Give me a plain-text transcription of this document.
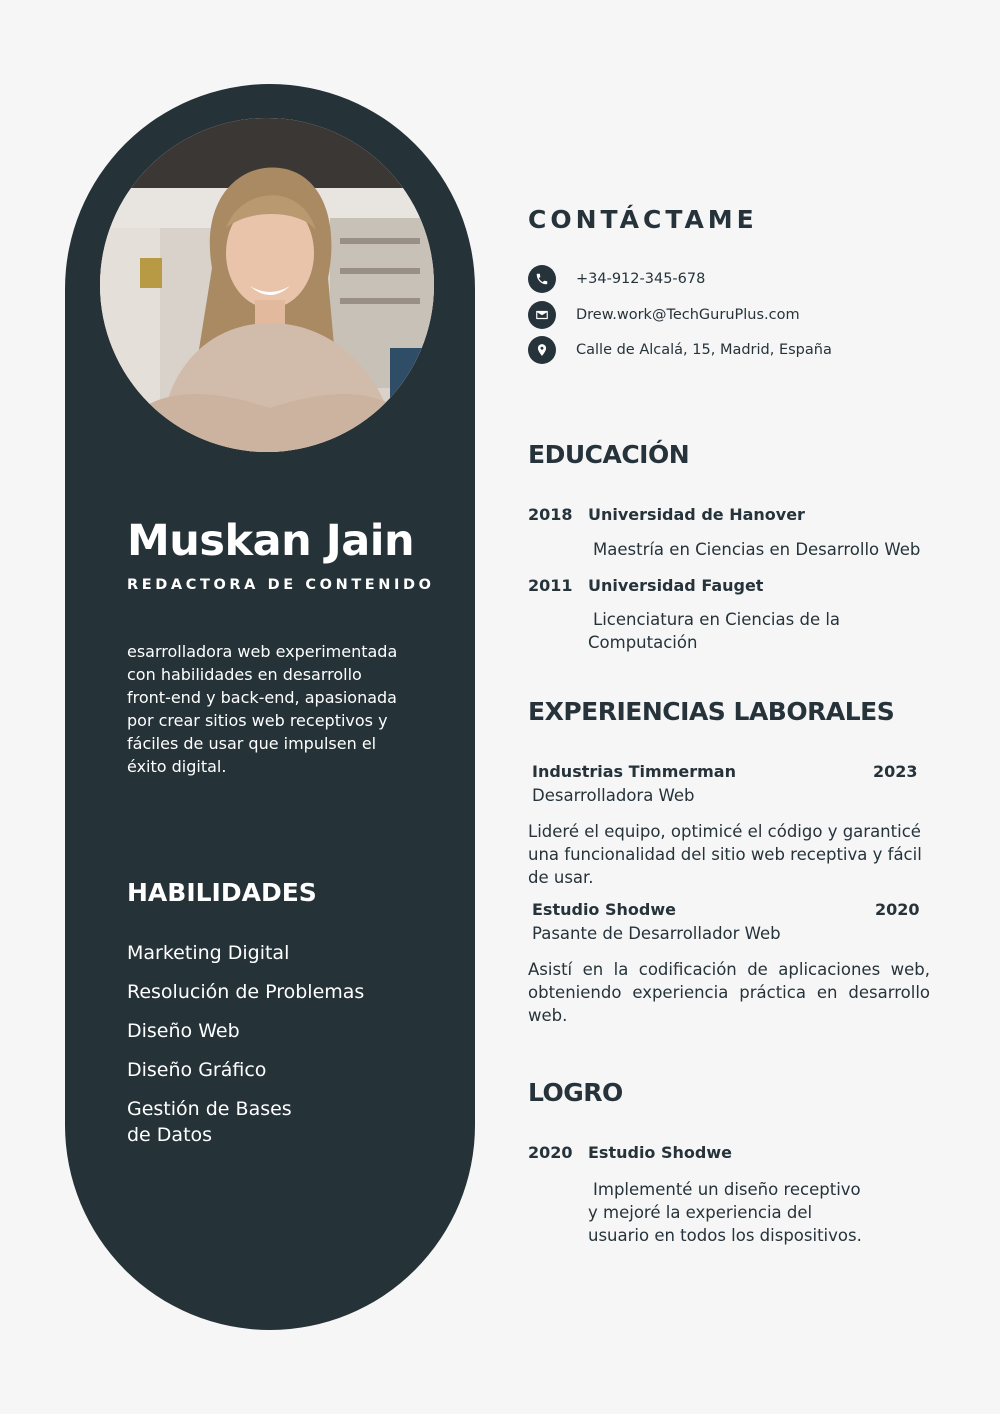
Muskan Jain
REDACTORA DE CONTENIDO
esarrolladora web experimentada con habilidades en desarrollo front-end y back-end, apasionada por crear sitios web receptivos y fáciles de usar que impulsen el éxito digital.
HABILIDADES
Marketing Digital
Resolución de Problemas
Diseño Web
Diseño Gráfico
Gestión de Bases de Datos
CONTÁCTAME
+34-912-345-678
Drew.work@TechGuruPlus.com
Calle de Alcalá, 15, Madrid, España
EDUCACIÓN
2018 Universidad de Hanover
Maestría en Ciencias en Desarrollo Web
2011 Universidad Fauget
Licenciatura en Ciencias de la Computación
EXPERIENCIAS LABORALES
Industrias Timmerman	2023
Desarrolladora Web
Lideré el equipo, optimicé el código y garanticé una funcionalidad del sitio web receptiva y fácil de usar.
Estudio Shodwe	2020
Pasante de Desarrollador Web
Asistí en la codificación de aplicaciones web, obteniendo experiencia práctica en desarrollo web.
LOGRO
2020 Estudio Shodwe
Implementé un diseño receptivo y mejoré la experiencia del usuario en todos los dispositivos.
